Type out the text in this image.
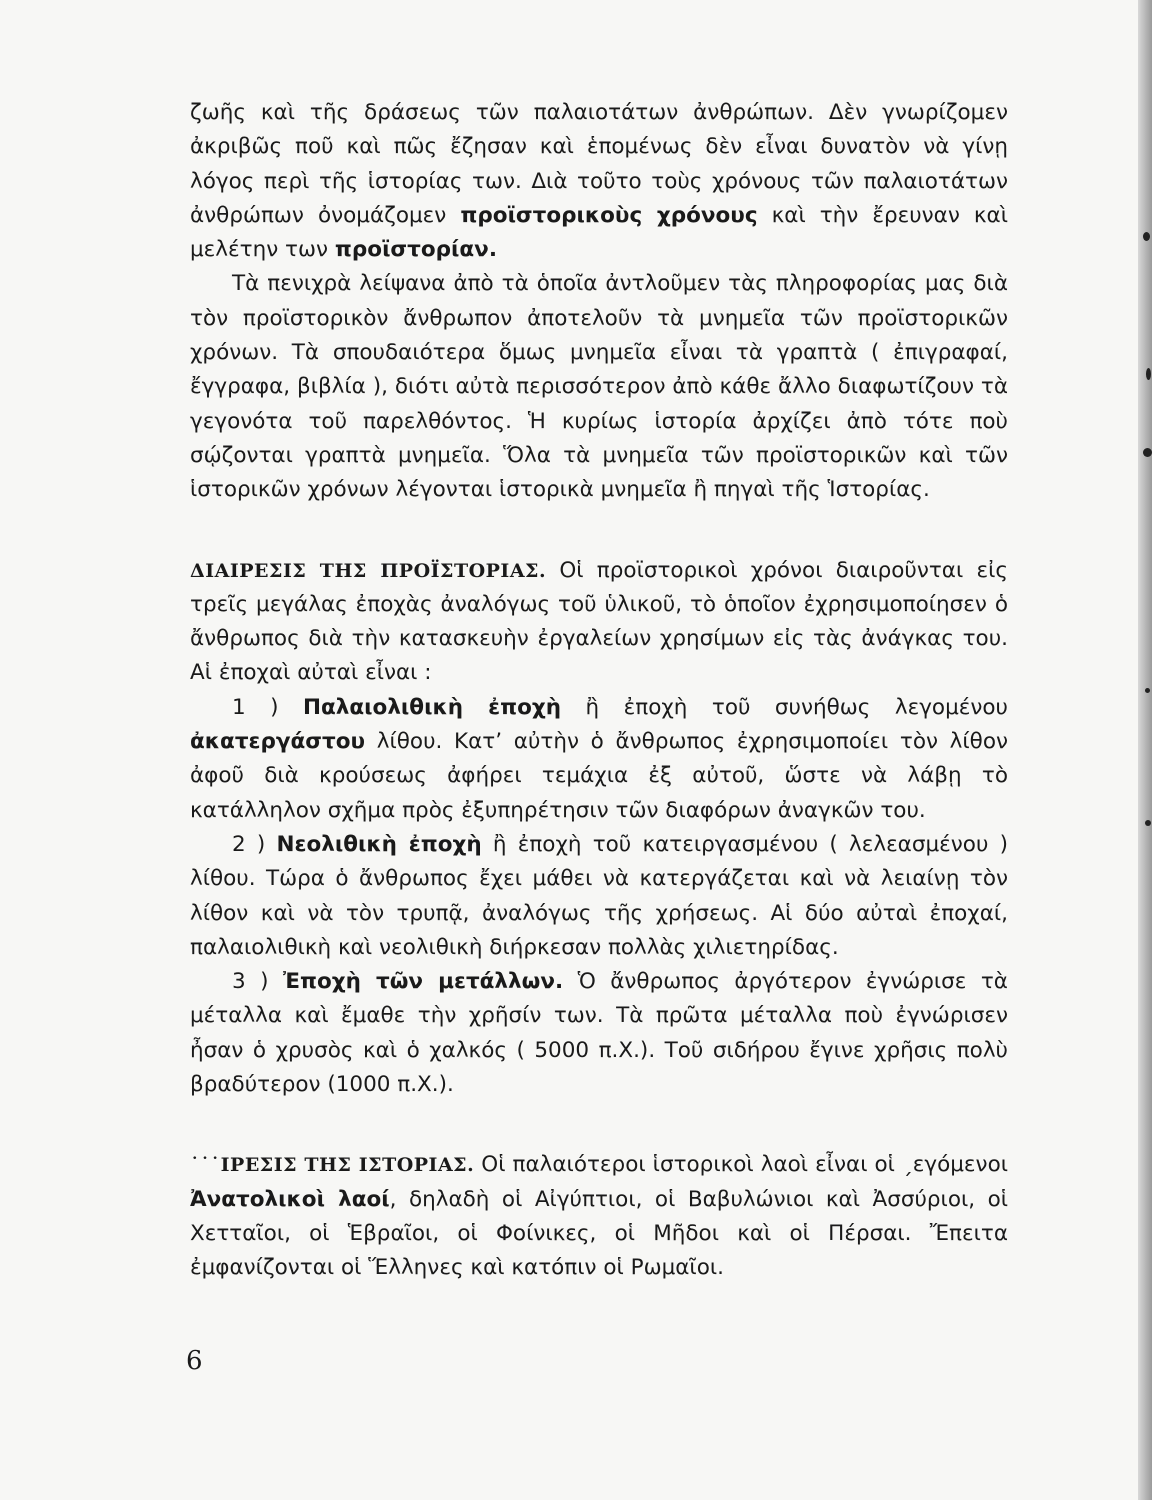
ζωῆς καὶ τῆς δράσεως τῶν παλαιοτάτων ἀνθρώπων. Δὲν γνωρίζομεν ἀκριβῶς ποῦ καὶ πῶς ἔζησαν καὶ ἑπομένως δὲν εἶναι δυνατὸν νὰ γίνῃ λόγος περὶ τῆς ἱστορίας των. Διὰ τοῦτο τοὺς χρόνους τῶν παλαιοτάτων ἀνθρώπων ὀνομάζομεν προϊστορικοὺς χρόνους καὶ τὴν ἔρευναν καὶ μελέτην των προϊστορίαν.

Τὰ πενιχρὰ λείψανα ἀπὸ τὰ ὁποῖα ἀντλοῦμεν τὰς πληροφορίας μας διὰ τὸν προϊστορικὸν ἄνθρωπον ἀποτελοῦν τὰ μνημεῖα τῶν προϊστορικῶν χρόνων. Τὰ σπουδαιότερα ὅμως μνημεῖα εἶναι τὰ γραπτὰ ( ἐπιγραφαί, ἔγγραφα, βιβλία ), διότι αὐτὰ περισσότερον ἀπὸ κάθε ἄλλο διαφωτίζουν τὰ γεγονότα τοῦ παρελθόντος. Ἡ κυρίως ἱστορία ἀρχίζει ἀπὸ τότε ποὺ σῴζονται γραπτὰ μνημεῖα. Ὅλα τὰ μνημεῖα τῶν προϊστορικῶν καὶ τῶν ἱστορικῶν χρόνων λέγονται ἱστορικὰ μνημεῖα ἢ πηγαὶ τῆς Ἱστορίας.

ΔΙΑΙΡΕΣΙΣ ΤΗΣ ΠΡΟΪΣΤΟΡΙΑΣ. Οἱ προϊστορικοὶ χρόνοι διαιροῦνται εἰς τρεῖς μεγάλας ἐποχὰς ἀναλόγως τοῦ ὑλικοῦ, τὸ ὁποῖον ἐχρησιμοποίησεν ὁ ἄνθρωπος διὰ τὴν κατασκευὴν ἐργαλείων χρησίμων εἰς τὰς ἀνάγκας του. Αἱ ἐποχαὶ αὐταὶ εἶναι :

1 ) Παλαιολιθικὴ ἐποχὴ ἢ ἐποχὴ τοῦ συνήθως λεγομένου ἀκατεργάστου λίθου. Κατ’ αὐτὴν ὁ ἄνθρωπος ἐχρησιμοποίει τὸν λίθον ἀφοῦ διὰ κρούσεως ἀφήρει τεμάχια ἐξ αὐτοῦ, ὥστε νὰ λάβῃ τὸ κατάλληλον σχῆμα πρὸς ἐξυπηρέτησιν τῶν διαφόρων ἀναγκῶν του.

2 ) Νεολιθικὴ ἐποχὴ ἢ ἐποχὴ τοῦ κατειργασμένου ( λελεασμένου ) λίθου. Τώρα ὁ ἄνθρωπος ἔχει μάθει νὰ κατεργάζεται καὶ νὰ λειαίνῃ τὸν λίθον καὶ νὰ τὸν τρυπᾷ, ἀναλόγως τῆς χρήσεως. Αἱ δύο αὐταὶ ἐποχαί, παλαιολιθικὴ καὶ νεολιθικὴ διήρκεσαν πολλὰς χιλιετηρίδας.

3 ) Ἐποχὴ τῶν μετάλλων. Ὁ ἄνθρωπος ἀργότερον ἐγνώρισε τὰ μέταλλα καὶ ἔμαθε τὴν χρῆσίν των. Τὰ πρῶτα μέταλλα ποὺ ἐγνώρισεν ἦσαν ὁ χρυσὸς καὶ ὁ χαλκός ( 5000 π.Χ.). Τοῦ σιδήρου ἔγινε χρῆσις πολὺ βραδύτερον (1000 π.Χ.).

˙˙˙ΙΡΕΣΙΣ ΤΗΣ ΙΣΤΟΡΙΑΣ. Οἱ παλαιότεροι ἱστορικοὶ λαοὶ εἶναι οἱ ˏεγόμενοι Ἀνατολικοὶ λαοί, δηλαδὴ οἱ Αἰγύπτιοι, οἱ Βαβυλώνιοι καὶ Ἀσσύριοι, οἱ Χετταῖοι, οἱ Ἑβραῖοι, οἱ Φοίνικες, οἱ Μῆδοι καὶ οἱ Πέρσαι. Ἔπειτα ἐμφανίζονται οἱ Ἕλληνες καὶ κατόπιν οἱ Ρωμαῖοι.

6
